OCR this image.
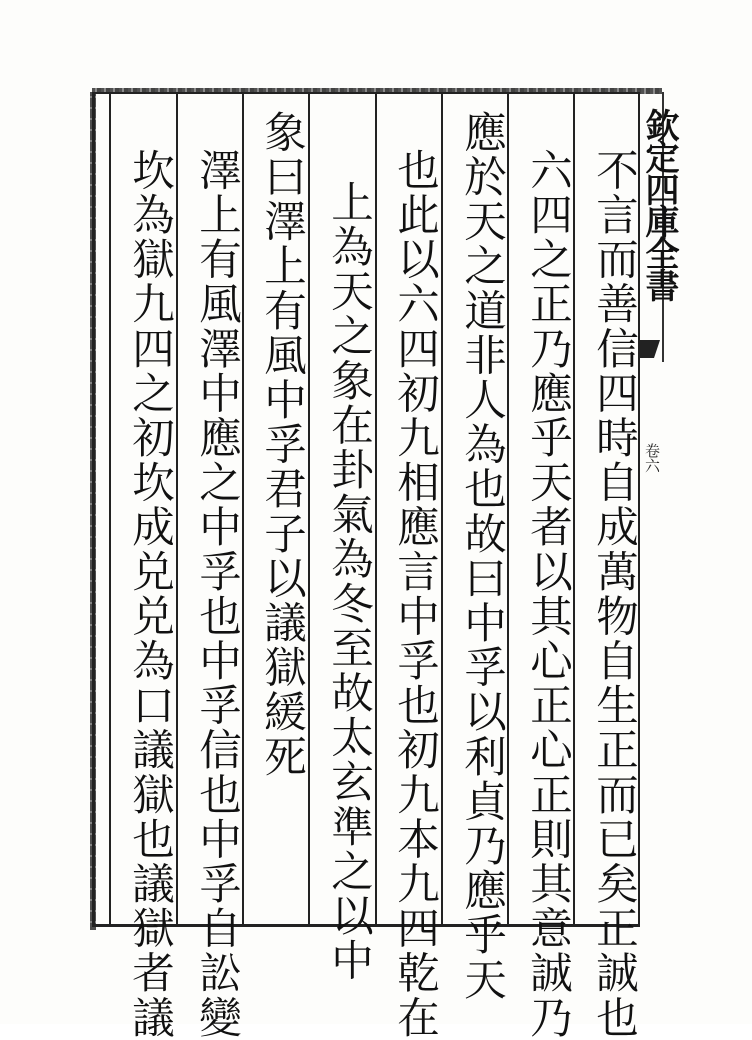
欽定四庫全書
卷六
不言而善信四時自成萬物自生正而已矣正誠也
六四之正乃應乎天者以其心正心正則其意誠乃
應於天之道非人為也故曰中孚以利貞乃應乎天
也此以六四初九相應言中孚也初九本九四乾在
上為天之象在卦氣為冬至故太玄準之以中
象曰澤上有風中孚君子以議獄緩死
澤上有風澤中應之中孚也中孚信也中孚自訟變
坎為獄九四之初坎成兑兑為口議獄也議獄者議
